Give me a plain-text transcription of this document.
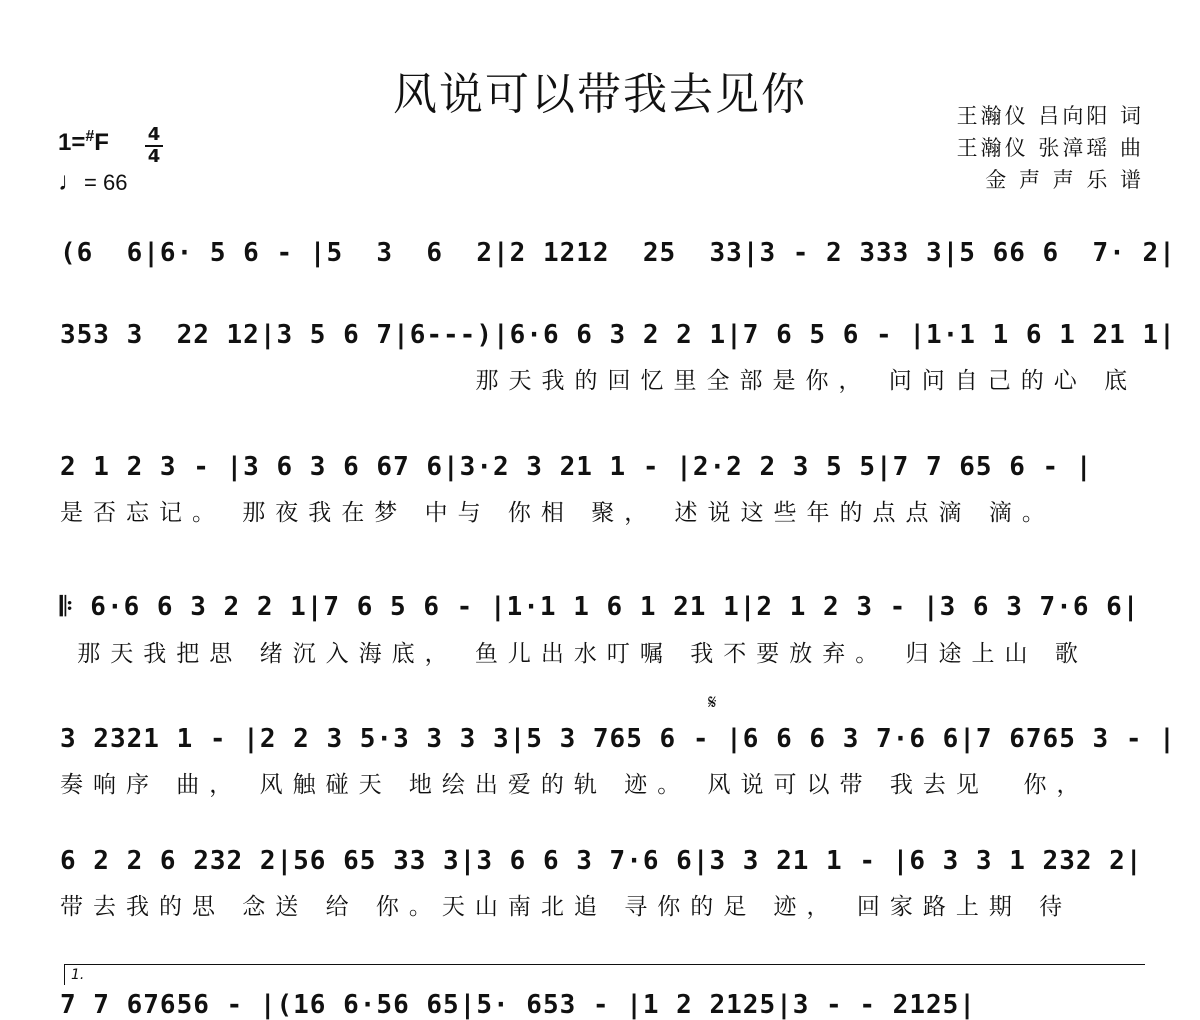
风说可以带我去见你	王瀚仪 吕向阳 词
王瀚仪 张漳瑶 曲
金 声 声 乐 谱
1=#F 4
4
♩= 66
𝄋
(6  6|6· 5 6 - |5  3  6  2|2 1212  25  33|3 - 2 333 3|5 66 6  7· 2|
353 3  22 12|3 5 6 7|6---)|6·6 6 3 2 2 1|7 6 5 6 - |1·1 1 6 1 21 1|
那天我的回忆里全部是你， 问问自己的心 底
2 1 2 3 - |3 6 3 6 67 6|3·2 3 21 1 - |2·2 2 3 5 5|7 7 65 6 - |
是否忘记。 那夜我在梦 中与 你相 聚， 述说这些年的点点滴 滴。
𝄆 6·6 6 3 2 2 1|7 6 5 6 - |1·1 1 6 1 21 1|2 1 2 3 - |3 6 3 7·6 6|
那天我把思 绪沉入海底， 鱼儿出水叮嘱 我不要放弃。 归途上山 歌
3 2321 1 - |2 2 3 5·3 3 3 3|5 3 765 6 - |6 6 6 3 7·6 6|7 6765 3 - |
奏响序 曲， 风触碰天 地绘出爱的轨 迹。 风说可以带 我去见  你，
6 2 2 6 232 2|56 65 33 3|3 6 6 3 7·6 6|3 3 21 1 - |6 3 3 1 232 2|
带去我的思 念送 给 你。天山南北追 寻你的足 迹， 回家路上期 待
1.
7 7 67656 - |(16 6·56 65|5· 653 - |1 2 2125|3 - - 2125|
